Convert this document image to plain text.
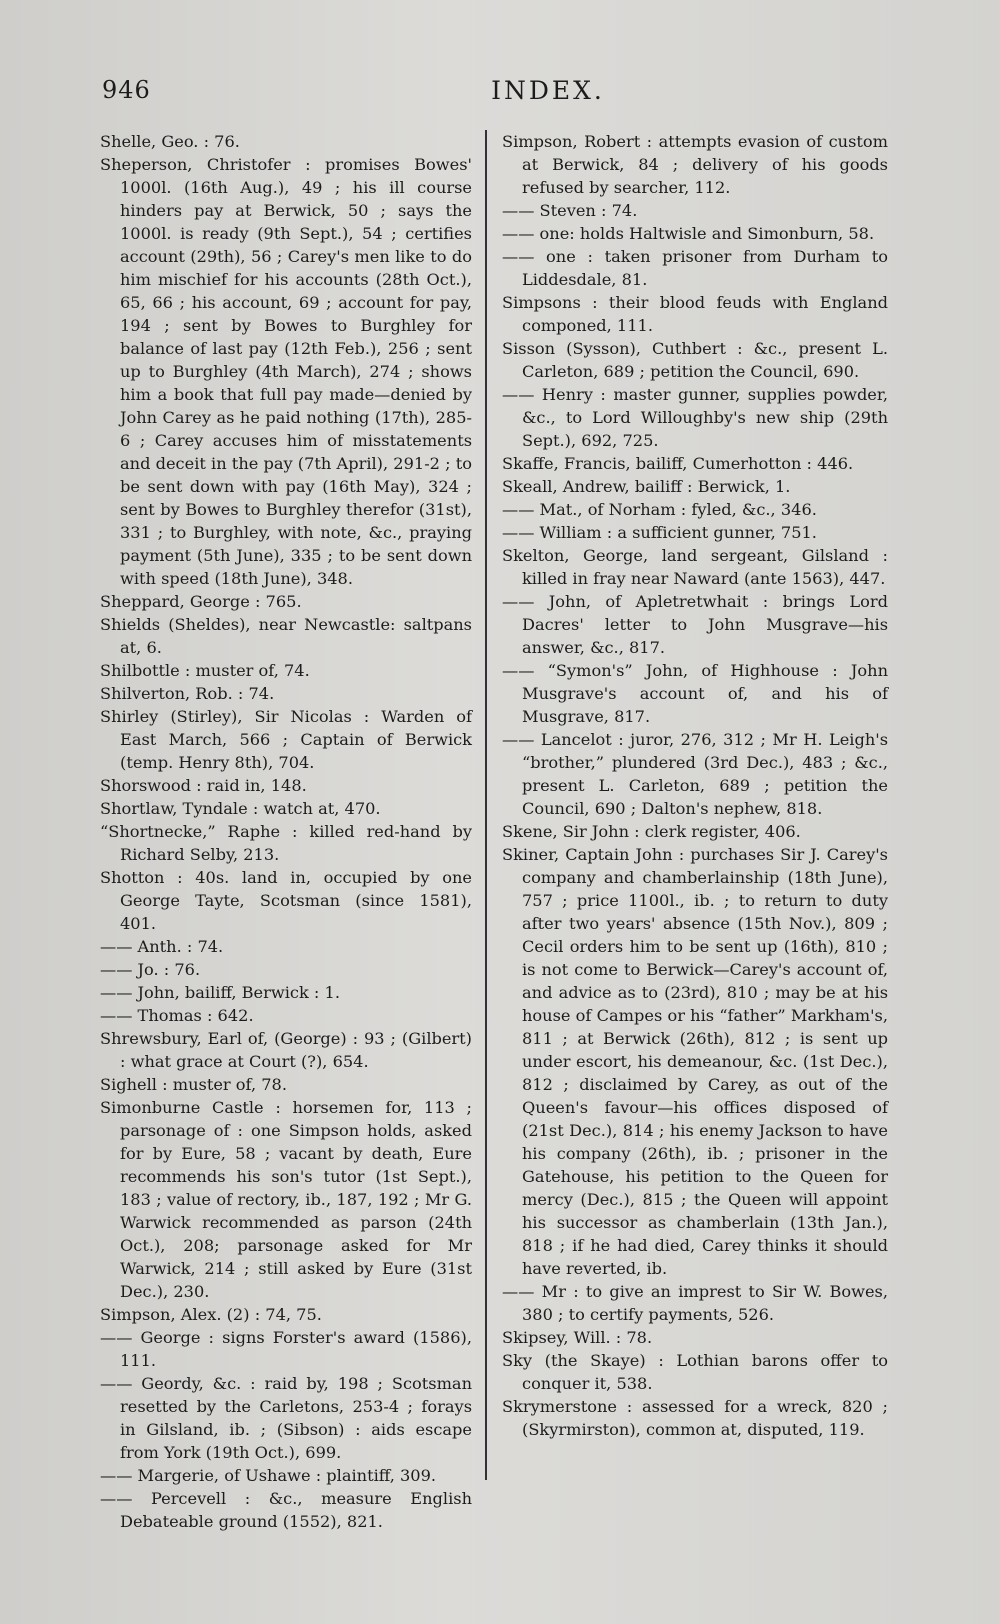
946	INDEX.

Shelle, Geo. : 76.

Sheperson, Christofer : promises Bowes' 1000l. (16th Aug.), 49 ; his ill course hinders pay at Berwick, 50 ; says the 1000l. is ready (9th Sept.), 54 ; certifies account (29th), 56 ; Carey's men like to do him mischief for his accounts (28th Oct.), 65, 66 ; his account, 69 ; account for pay, 194 ; sent by Bowes to Burghley for balance of last pay (12th Feb.), 256 ; sent up to Burghley (4th March), 274 ; shows him a book that full pay made—denied by John Carey as he paid nothing (17th), 285-6 ; Carey accuses him of misstatements and deceit in the pay (7th April), 291-2 ; to be sent down with pay (16th May), 324 ; sent by Bowes to Burghley therefor (31st), 331 ; to Burghley, with note, &c., praying payment (5th June), 335 ; to be sent down with speed (18th June), 348.

Sheppard, George : 765.

Shields (Sheldes), near Newcastle: saltpans at, 6.

Shilbottle : muster of, 74.

Shilverton, Rob. : 74.

Shirley (Stirley), Sir Nicolas : Warden of East March, 566 ; Captain of Berwick (temp. Henry 8th), 704.

Shorswood : raid in, 148.

Shortlaw, Tyndale : watch at, 470.

“Shortnecke,” Raphe : killed red-hand by Richard Selby, 213.

Shotton : 40s. land in, occupied by one George Tayte, Scotsman (since 1581), 401.

—— Anth. : 74.

—— Jo. : 76.

—— John, bailiff, Berwick : 1.

—— Thomas : 642.

Shrewsbury, Earl of, (George) : 93 ; (Gilbert) : what grace at Court (?), 654.

Sighell : muster of, 78.

Simonburne Castle : horsemen for, 113 ; parsonage of : one Simpson holds, asked for by Eure, 58 ; vacant by death, Eure recommends his son's tutor (1st Sept.), 183 ; value of rectory, ib., 187, 192 ; Mr G. Warwick recommended as parson (24th Oct.), 208; parsonage asked for Mr Warwick, 214 ; still asked by Eure (31st Dec.), 230.

Simpson, Alex. (2) : 74, 75.

—— George : signs Forster's award (1586), 111.

—— Geordy, &c. : raid by, 198 ; Scotsman resetted by the Carletons, 253-4 ; forays in Gilsland, ib. ; (Sibson) : aids escape from York (19th Oct.), 699.

—— Margerie, of Ushawe : plaintiff, 309.

—— Percevell : &c., measure English Debateable ground (1552), 821.

Simpson, Robert : attempts evasion of custom at Berwick, 84 ; delivery of his goods refused by searcher, 112.

—— Steven : 74.

—— one: holds Haltwisle and Simonburn, 58.

—— one : taken prisoner from Durham to Liddesdale, 81.

Simpsons : their blood feuds with England componed, 111.

Sisson (Sysson), Cuthbert : &c., present L. Carleton, 689 ; petition the Council, 690.

—— Henry : master gunner, supplies powder, &c., to Lord Willoughby's new ship (29th Sept.), 692, 725.

Skaffe, Francis, bailiff, Cumerhotton : 446.

Skeall, Andrew, bailiff : Berwick, 1.

—— Mat., of Norham : fyled, &c., 346.

—— William : a sufficient gunner, 751.

Skelton, George, land sergeant, Gilsland : killed in fray near Naward (ante 1563), 447.

—— John, of Apletretwhait : brings Lord Dacres' letter to John Musgrave—his answer, &c., 817.

—— “Symon's” John, of Highhouse : John Musgrave's account of, and his of Musgrave, 817.

—— Lancelot : juror, 276, 312 ; Mr H. Leigh's “brother,” plundered (3rd Dec.), 483 ; &c., present L. Carleton, 689 ; petition the Council, 690 ; Dalton's nephew, 818.

Skene, Sir John : clerk register, 406.

Skiner, Captain John : purchases Sir J. Carey's company and chamberlainship (18th June), 757 ; price 1100l., ib. ; to return to duty after two years' absence (15th Nov.), 809 ; Cecil orders him to be sent up (16th), 810 ; is not come to Berwick—Carey's account of, and advice as to (23rd), 810 ; may be at his house of Campes or his “father” Markham's, 811 ; at Berwick (26th), 812 ; is sent up under escort, his demeanour, &c. (1st Dec.), 812 ; disclaimed by Carey, as out of the Queen's favour—his offices disposed of (21st Dec.), 814 ; his enemy Jackson to have his company (26th), ib. ; prisoner in the Gatehouse, his petition to the Queen for mercy (Dec.), 815 ; the Queen will appoint his successor as chamberlain (13th Jan.), 818 ; if he had died, Carey thinks it should have reverted, ib.

—— Mr : to give an imprest to Sir W. Bowes, 380 ; to certify payments, 526.

Skipsey, Will. : 78.

Sky (the Skaye) : Lothian barons offer to conquer it, 538.

Skrymerstone : assessed for a wreck, 820 ; (Skyrmirston), common at, disputed, 119.
